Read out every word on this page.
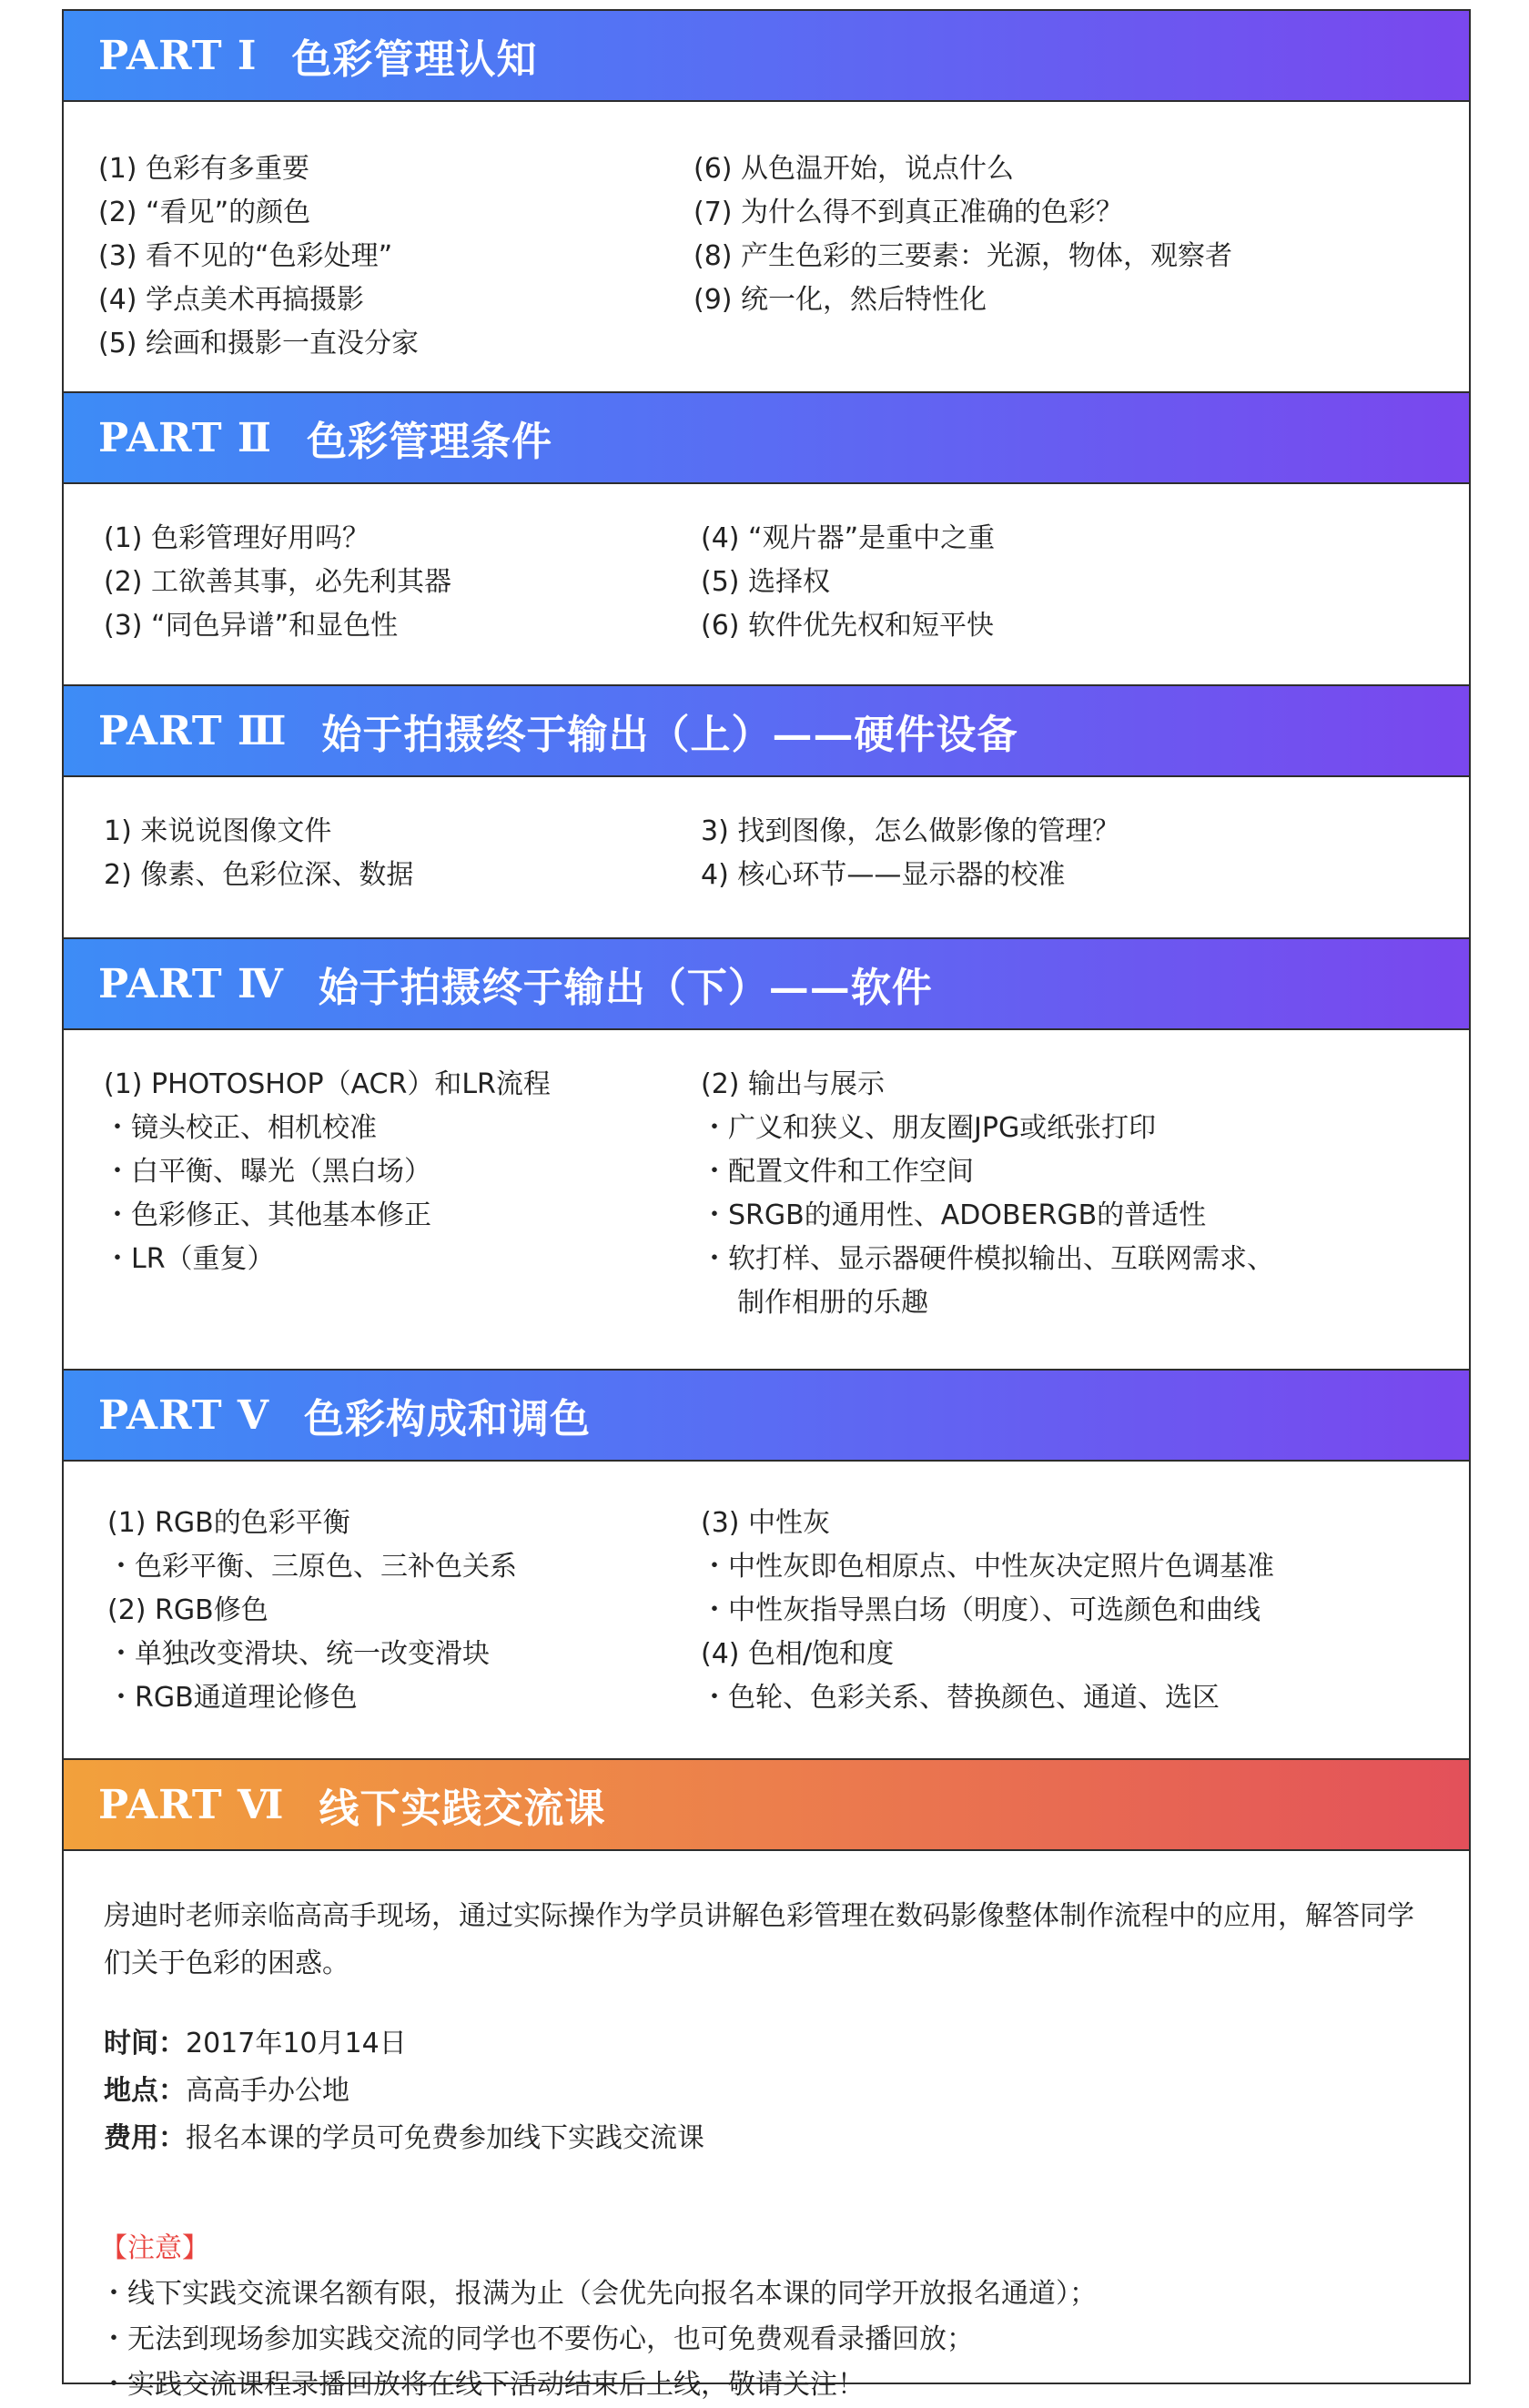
PART Ⅰ 色彩管理认知
(1) 色彩有多重要
(2) “看见”的颜色
(3) 看不见的“色彩处理”
(4) 学点美术再搞摄影
(5) 绘画和摄影一直没分家
(6) 从色温开始，说点什么
(7) 为什么得不到真正准确的色彩？
(8) 产生色彩的三要素：光源，物体，观察者
(9) 统一化，然后特性化
PART Ⅱ 色彩管理条件
(1) 色彩管理好用吗？
(2) 工欲善其事，必先利其器
(3) “同色异谱”和显色性
(4) “观片器”是重中之重
(5) 选择权
(6) 软件优先权和短平快
PART Ⅲ 始于拍摄终于输出（上）——硬件设备
1) 来说说图像文件
2) 像素、色彩位深、数据
3) 找到图像，怎么做影像的管理？
4) 核心环节——显示器的校准
PART Ⅳ 始于拍摄终于输出（下）——软件
(1) PHOTOSHOP（ACR）和LR流程
・镜头校正、相机校准
・白平衡、曝光（黑白场）
・色彩修正、其他基本修正
・LR（重复）
(2) 输出与展示
・广义和狭义、朋友圈JPG或纸张打印
・配置文件和工作空间
・SRGB的通用性、ADOBERGB的普适性
・软打样、显示器硬件模拟输出、互联网需求、
制作相册的乐趣
PART Ⅴ 色彩构成和调色
(1) RGB的色彩平衡
・色彩平衡、三原色、三补色关系
(2) RGB修色
・单独改变滑块、统一改变滑块
・RGB通道理论修色
(3) 中性灰
・中性灰即色相原点、中性灰决定照片色调基准
・中性灰指导黑白场（明度）、可选颜色和曲线
(4) 色相/饱和度
・色轮、色彩关系、替换颜色、通道、选区
PART Ⅵ 线下实践交流课
房迪时老师亲临高高手现场，通过实际操作为学员讲解色彩管理在数码影像整体制作流程中的应用，解答同学们关于色彩的困惑。
时间：2017年10月14日
地点：高高手办公地
费用：报名本课的学员可免费参加线下实践交流课
【注意】
・线下实践交流课名额有限，报满为止（会优先向报名本课的同学开放报名通道）；
・无法到现场参加实践交流的同学也不要伤心，也可免费观看录播回放；
・实践交流课程录播回放将在线下活动结束后上线，敬请关注！
